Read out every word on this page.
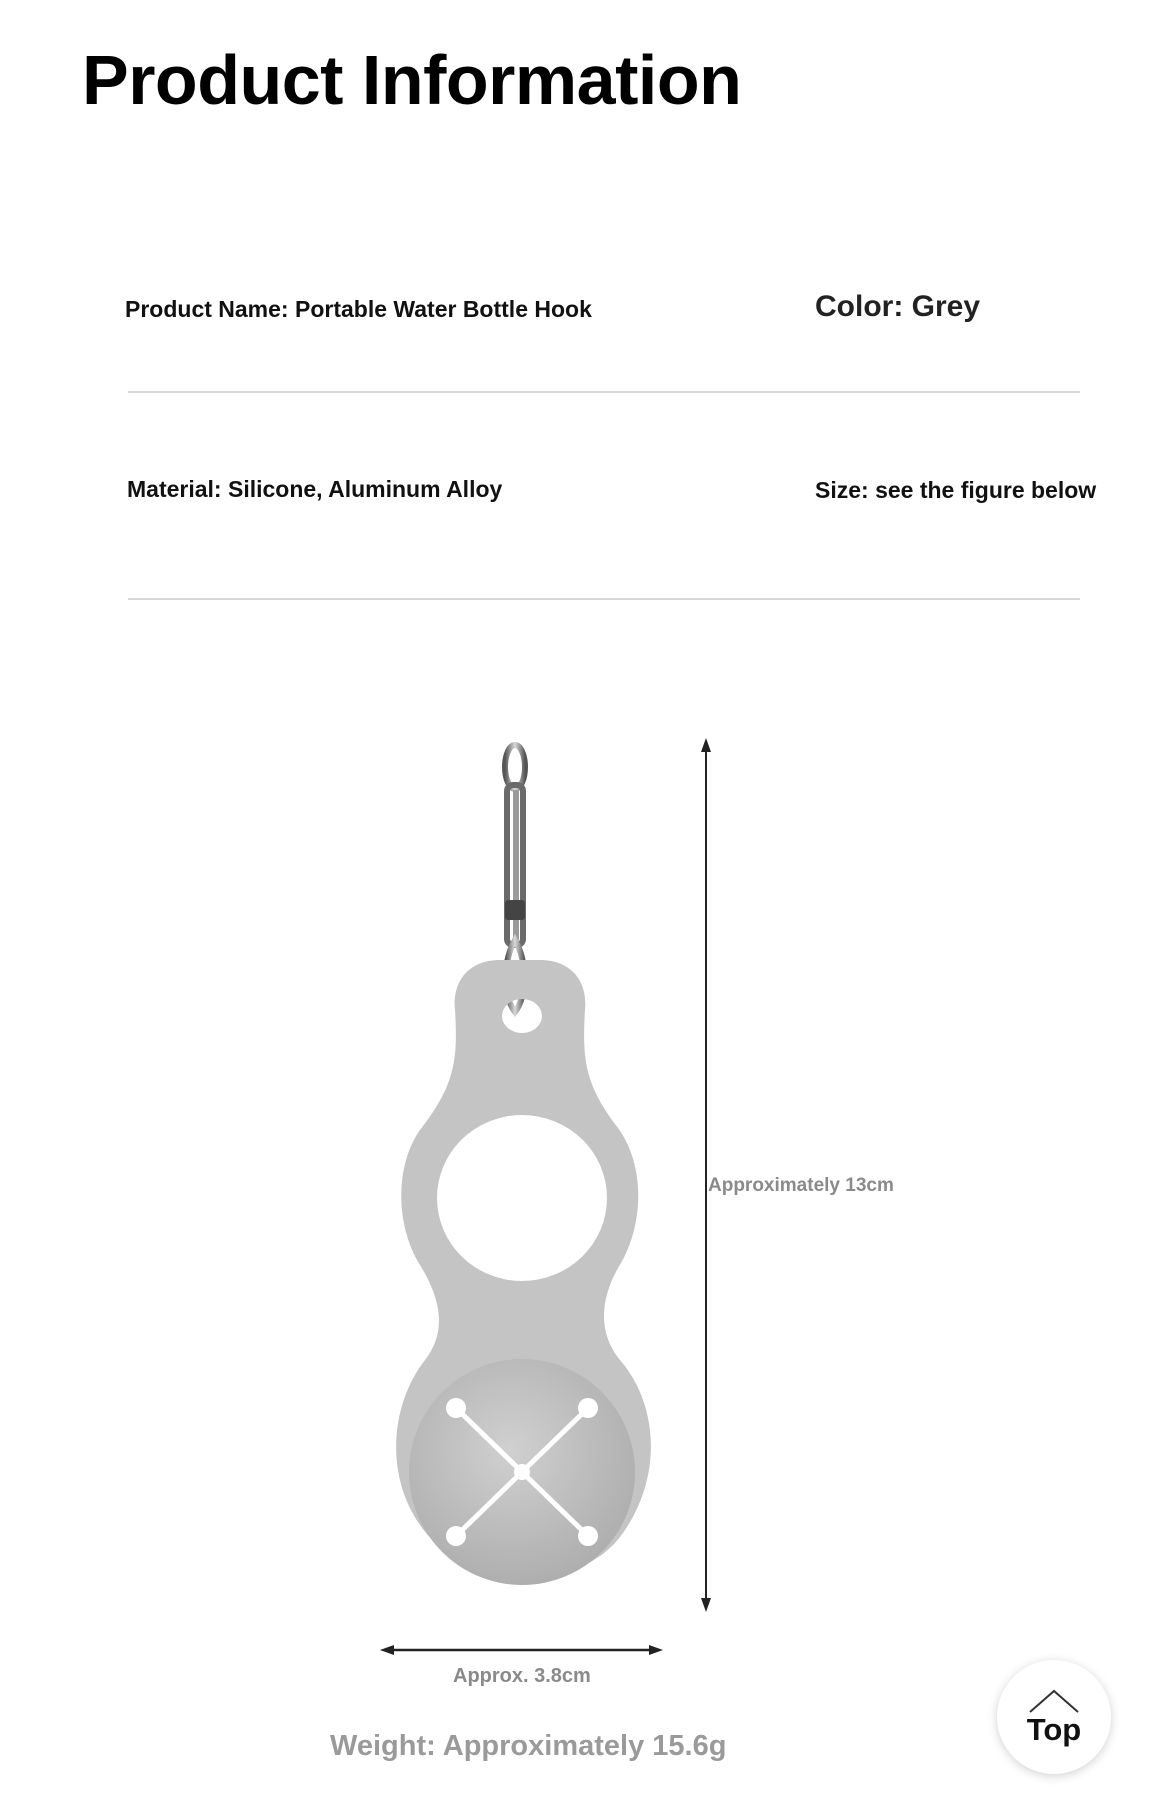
Product Information
Product Name: Portable Water Bottle Hook	Color: Grey
Material: Silicone, Aluminum Alloy	Size: see the figure below
Approximately 13cm
Approx. 3.8cm
Weight: Approximately 15.6g	Top
